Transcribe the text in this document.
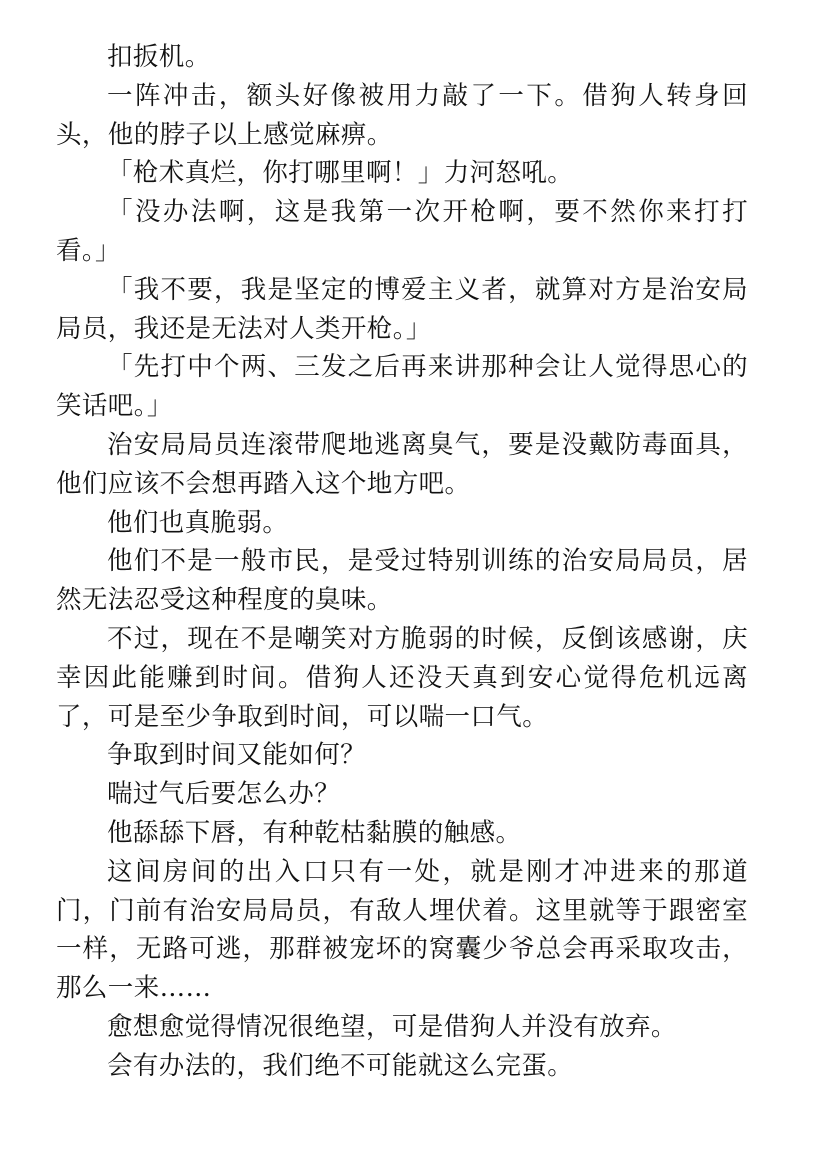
扣扳机。

一阵冲击，额头好像被用力敲了一下。借狗人转身回头，他的脖子以上感觉麻痹。

「枪术真烂，你打哪里啊！」力河怒吼。

「没办法啊，这是我第一次开枪啊，要不然你来打打看。」

「我不要，我是坚定的博爱主义者，就算对方是治安局局员，我还是无法对人类开枪。」

「先打中个两、三发之后再来讲那种会让人觉得思心的笑话吧。」

治安局局员连滚带爬地逃离臭气，要是没戴防毒面具，他们应该不会想再踏入这个地方吧。

他们也真脆弱。

他们不是一般市民，是受过特别训练的治安局局员，居然无法忍受这种程度的臭味。

不过，现在不是嘲笑对方脆弱的时候，反倒该感谢，庆幸因此能赚到时间。借狗人还没天真到安心觉得危机远离了，可是至少争取到时间，可以喘一口气。

争取到时间又能如何？

喘过气后要怎么办？

他舔舔下唇，有种乾枯黏膜的触感。

这间房间的出入口只有一处，就是刚才冲进来的那道门，门前有治安局局员，有敌人埋伏着。这里就等于跟密室一样，无路可逃，那群被宠坏的窝囊少爷总会再采取攻击，那么一来……

愈想愈觉得情况很绝望，可是借狗人并没有放弃。

会有办法的，我们绝不可能就这么完蛋。
